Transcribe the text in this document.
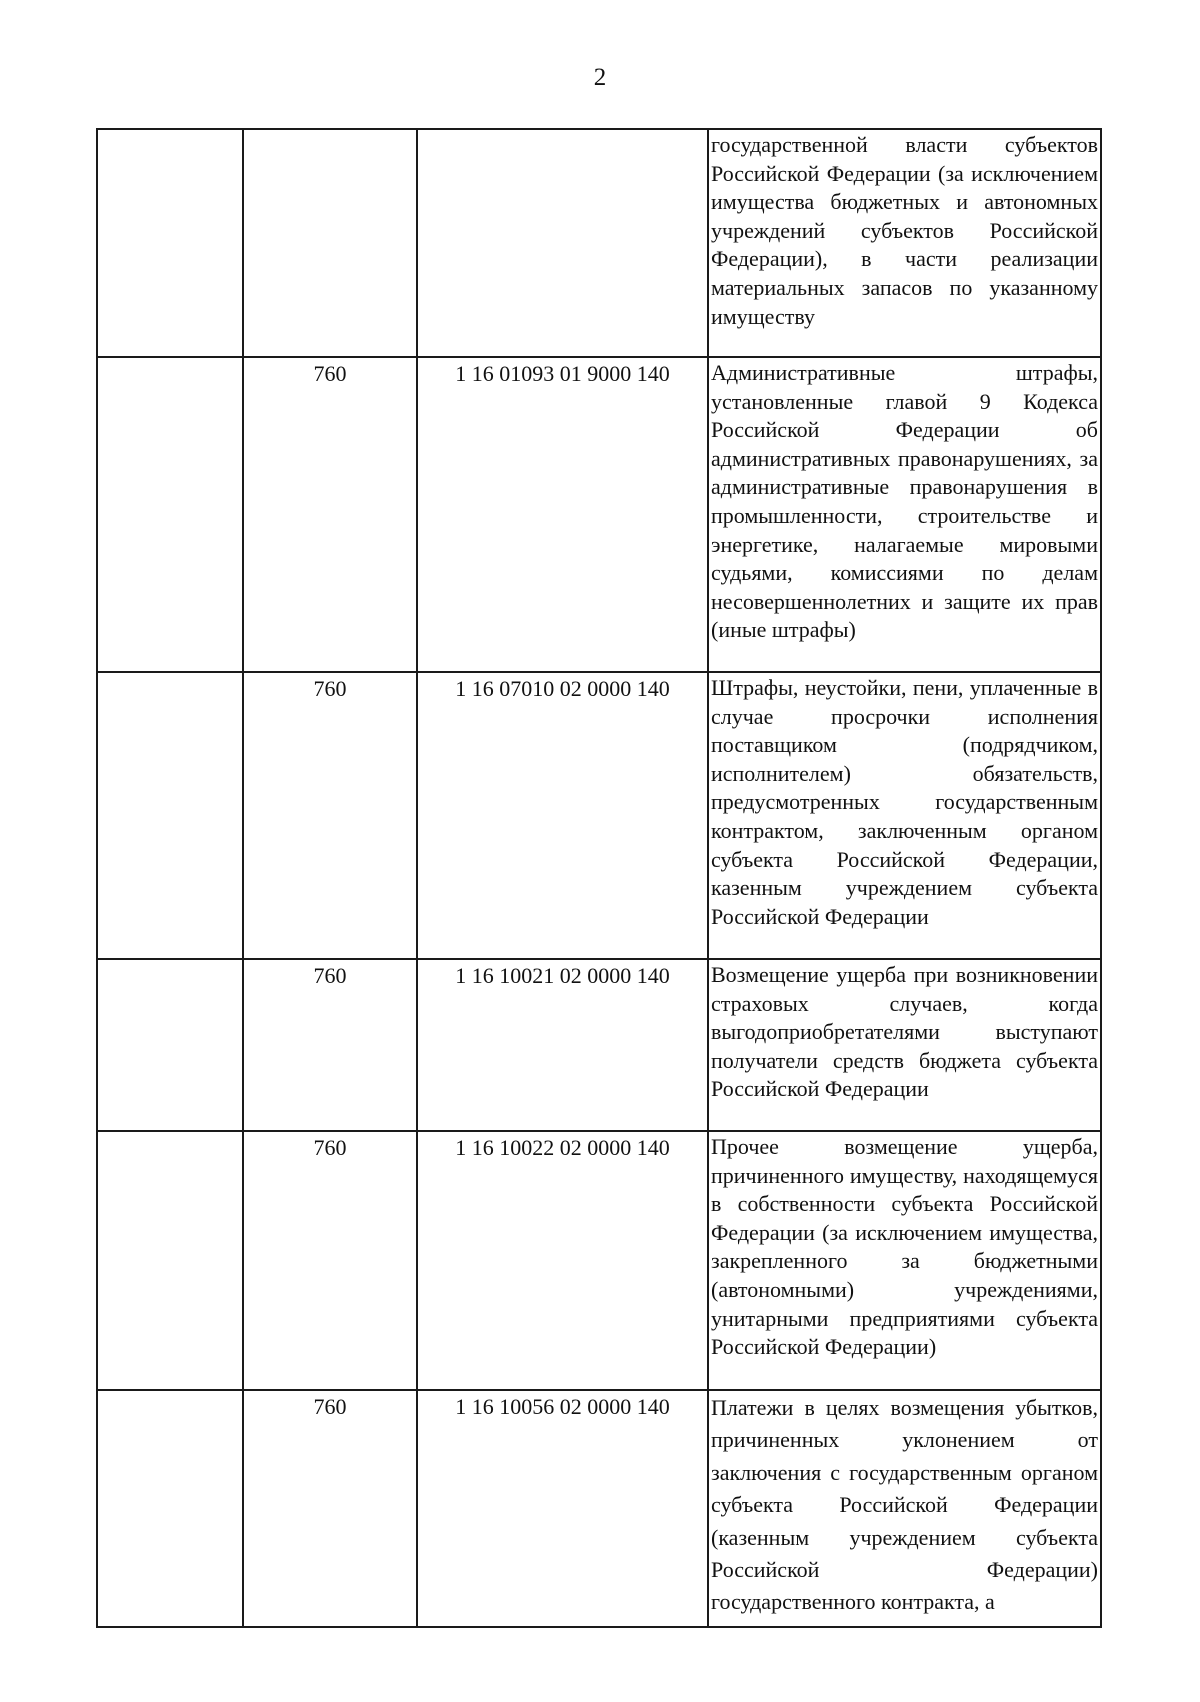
2
			государственной власти субъектов Российской Федерации (за исключением имущества бюджетных и автономных учреждений субъектов Российской Федерации), в части реализации материальных запасов по указанному имуществу
	760	1 16 01093 01 9000 140	Административные штрафы, установленные главой 9 Кодекса Российской Федерации об административных правонарушениях, за административные правонарушения в промышленности, строительстве и энергетике, налагаемые мировыми судьями, комиссиями по делам несовершеннолетних и защите их прав (иные штрафы)
	760	1 16 07010 02 0000 140	Штрафы, неустойки, пени, уплаченные в случае просрочки исполнения поставщиком (подрядчиком, исполнителем) обязательств, предусмотренных государственным контрактом, заключенным органом субъекта Российской Федерации, казенным учреждением субъекта Российской Федерации
	760	1 16 10021 02 0000 140	Возмещение ущерба при возникновении страховых случаев, когда выгодоприобретателями выступают получатели средств бюджета субъекта Российской Федерации
	760	1 16 10022 02 0000 140	Прочее возмещение ущерба, причиненного имуществу, находящемуся в собственности субъекта Российской Федерации (за исключением имущества, закрепленного за бюджетными (автономными) учреждениями, унитарными предприятиями субъекта Российской Федерации)
	760	1 16 10056 02 0000 140	Платежи в целях возмещения убытков, причиненных уклонением от заключения с государственным органом субъекта Российской Федерации (казенным учреждением субъекта Российской Федерации) государственного контракта, а
